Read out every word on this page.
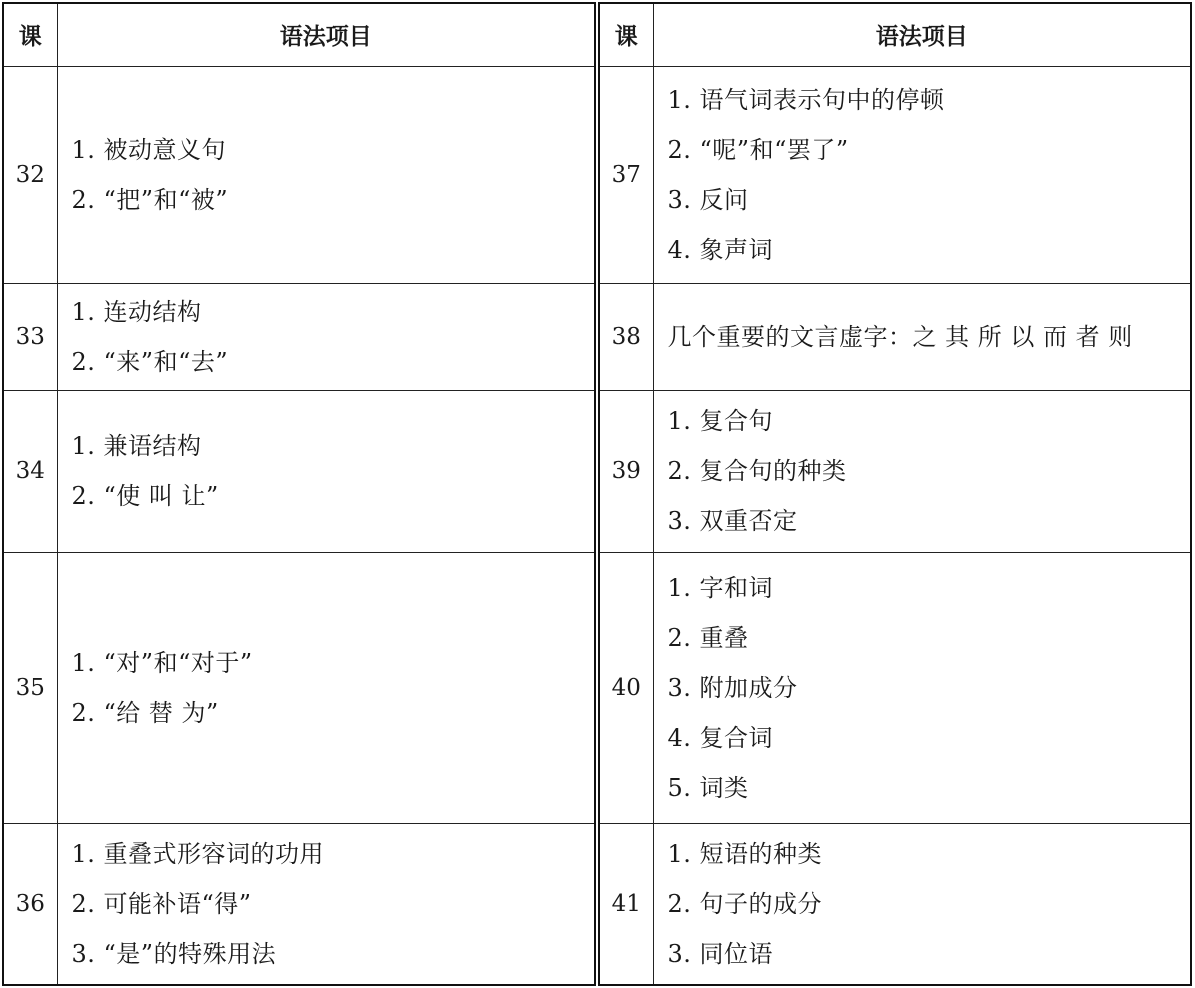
课	语法项目
32	1. 被动意义句
2. “把”和“被”

33	1. 连动结构
2. “来”和“去”

34	1. 兼语结构
2. “使 叫 让”

35	1. “对”和“对于”
2. “给 替 为”

36	1. 重叠式形容词的功用
2. 可能补语“得”
3. “是”的特殊用法
课	语法项目
37	1. 语气词表示句中的停顿
2. “呢”和“罢了”
3. 反问
4. 象声词

38	几个重要的文言虚字：之 其 所 以 而 者 则

39	1. 复合句
2. 复合句的种类
3. 双重否定

40	1. 字和词
2. 重叠
3. 附加成分
4. 复合词
5. 词类

41	1. 短语的种类
2. 句子的成分
3. 同位语
